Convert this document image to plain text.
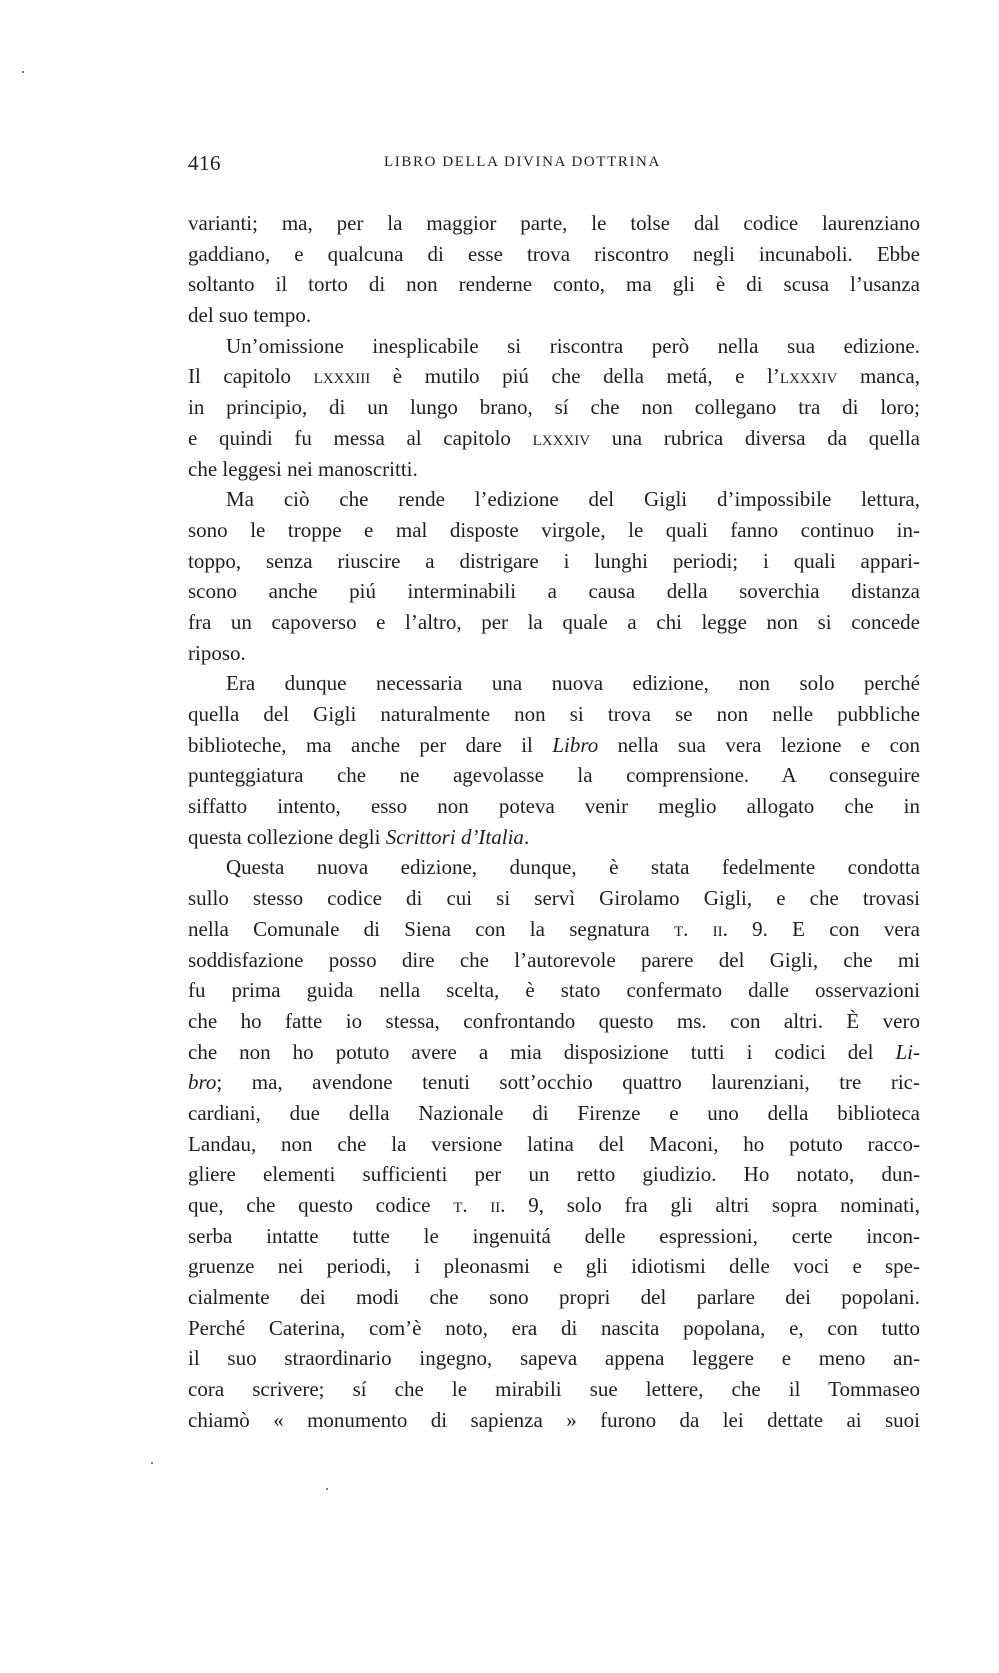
416	LIBRO DELLA DIVINA DOTTRINA
varianti; ma, per la maggior parte, le tolse dal codice laurenziano
gaddiano, e qualcuna di esse trova riscontro negli incunaboli. Ebbe
soltanto il torto di non renderne conto, ma gli è di scusa l’usanza
del suo tempo.
Un’omissione inesplicabile si riscontra però nella sua edizione.
Il capitolo lxxxiii è mutilo piú che della metá, e l’lxxxiv manca,
in principio, di un lungo brano, sí che non collegano tra di loro;
e quindi fu messa al capitolo lxxxiv una rubrica diversa da quella
che leggesi nei manoscritti.
Ma ciò che rende l’edizione del Gigli d’impossibile lettura,
sono le troppe e mal disposte virgole, le quali fanno continuo in-
toppo, senza riuscire a distrigare i lunghi periodi; i quali appari-
scono anche piú interminabili a causa della soverchia distanza
fra un capoverso e l’altro, per la quale a chi legge non si concede
riposo.
Era dunque necessaria una nuova edizione, non solo perché
quella del Gigli naturalmente non si trova se non nelle pubbliche
biblioteche, ma anche per dare il Libro nella sua vera lezione e con
punteggiatura che ne agevolasse la comprensione. A conseguire
siffatto intento, esso non poteva venir meglio allogato che in
questa collezione degli Scrittori d’Italia.
Questa nuova edizione, dunque, è stata fedelmente condotta
sullo stesso codice di cui si servì Girolamo Gigli, e che trovasi
nella Comunale di Siena con la segnatura t. ii. 9. E con vera
soddisfazione posso dire che l’autorevole parere del Gigli, che mi
fu prima guida nella scelta, è stato confermato dalle osservazioni
che ho fatte io stessa, confrontando questo ms. con altri. È vero
che non ho potuto avere a mia disposizione tutti i codici del Li-
bro; ma, avendone tenuti sott’occhio quattro laurenziani, tre ric-
cardiani, due della Nazionale di Firenze e uno della biblioteca
Landau, non che la versione latina del Maconi, ho potuto racco-
gliere elementi sufficienti per un retto giudizio. Ho notato, dun-
que, che questo codice t. ii. 9, solo fra gli altri sopra nominati,
serba intatte tutte le ingenuitá delle espressioni, certe incon-
gruenze nei periodi, i pleonasmi e gli idiotismi delle voci e spe-
cialmente dei modi che sono propri del parlare dei popolani.
Perché Caterina, com’è noto, era di nascita popolana, e, con tutto
il suo straordinario ingegno, sapeva appena leggere e meno an-
cora scrivere; sí che le mirabili sue lettere, che il Tommaseo
chiamò « monumento di sapienza » furono da lei dettate ai suoi
